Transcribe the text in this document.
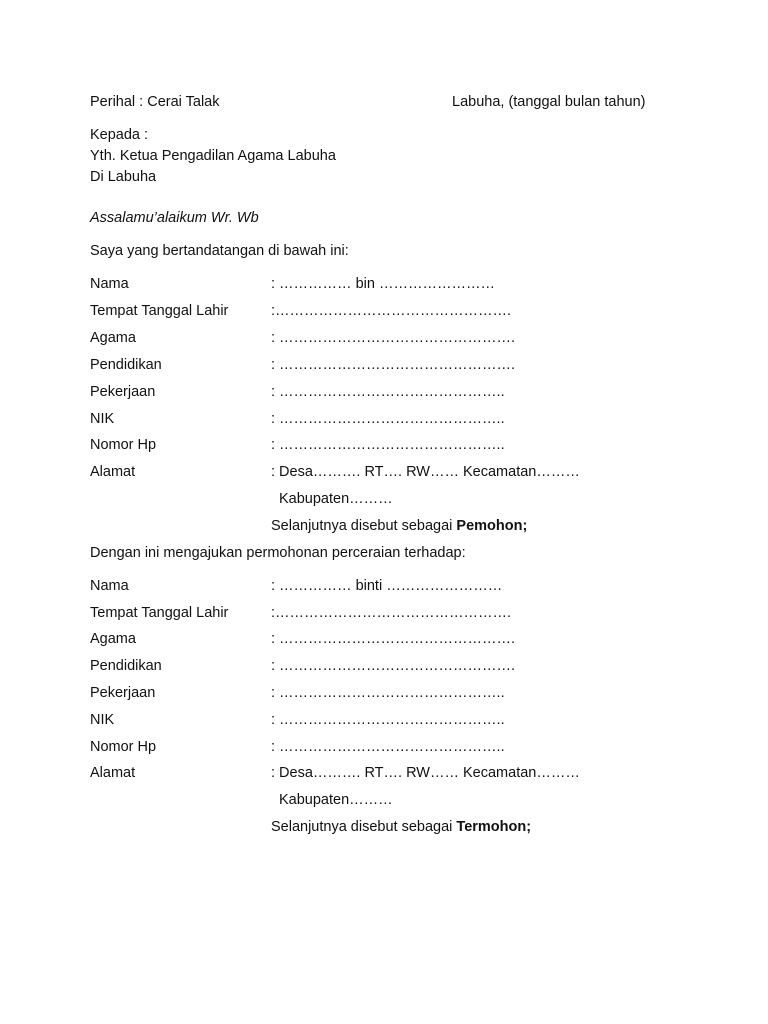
Perihal : Cerai Talak	Labuha, (tanggal bulan tahun)
Kepada :
Yth. Ketua Pengadilan Agama Labuha
Di Labuha
Assalamu’alaikum Wr. Wb
Saya yang bertandatangan di bawah ini:
Nama	: …………… bin ……………………
Tempat Tanggal Lahir	:………………………………………….
Agama	: ………………………………………….
Pendidikan	: ………………………………………….
Pekerjaan	: ………………………………………..
NIK	: ………………………………………..
Nomor Hp	: ………………………………………..
Alamat	: Desa………. RT…. RW…… Kecamatan………
Kabupaten………
Selanjutnya disebut sebagai Pemohon;
Dengan ini mengajukan permohonan perceraian terhadap:
Nama	: …………… binti ……………………
Tempat Tanggal Lahir	:………………………………………….
Agama	: ………………………………………….
Pendidikan	: ………………………………………….
Pekerjaan	: ………………………………………..
NIK	: ………………………………………..
Nomor Hp	: ………………………………………..
Alamat	: Desa………. RT…. RW…… Kecamatan………
Kabupaten………
Selanjutnya disebut sebagai Termohon;
